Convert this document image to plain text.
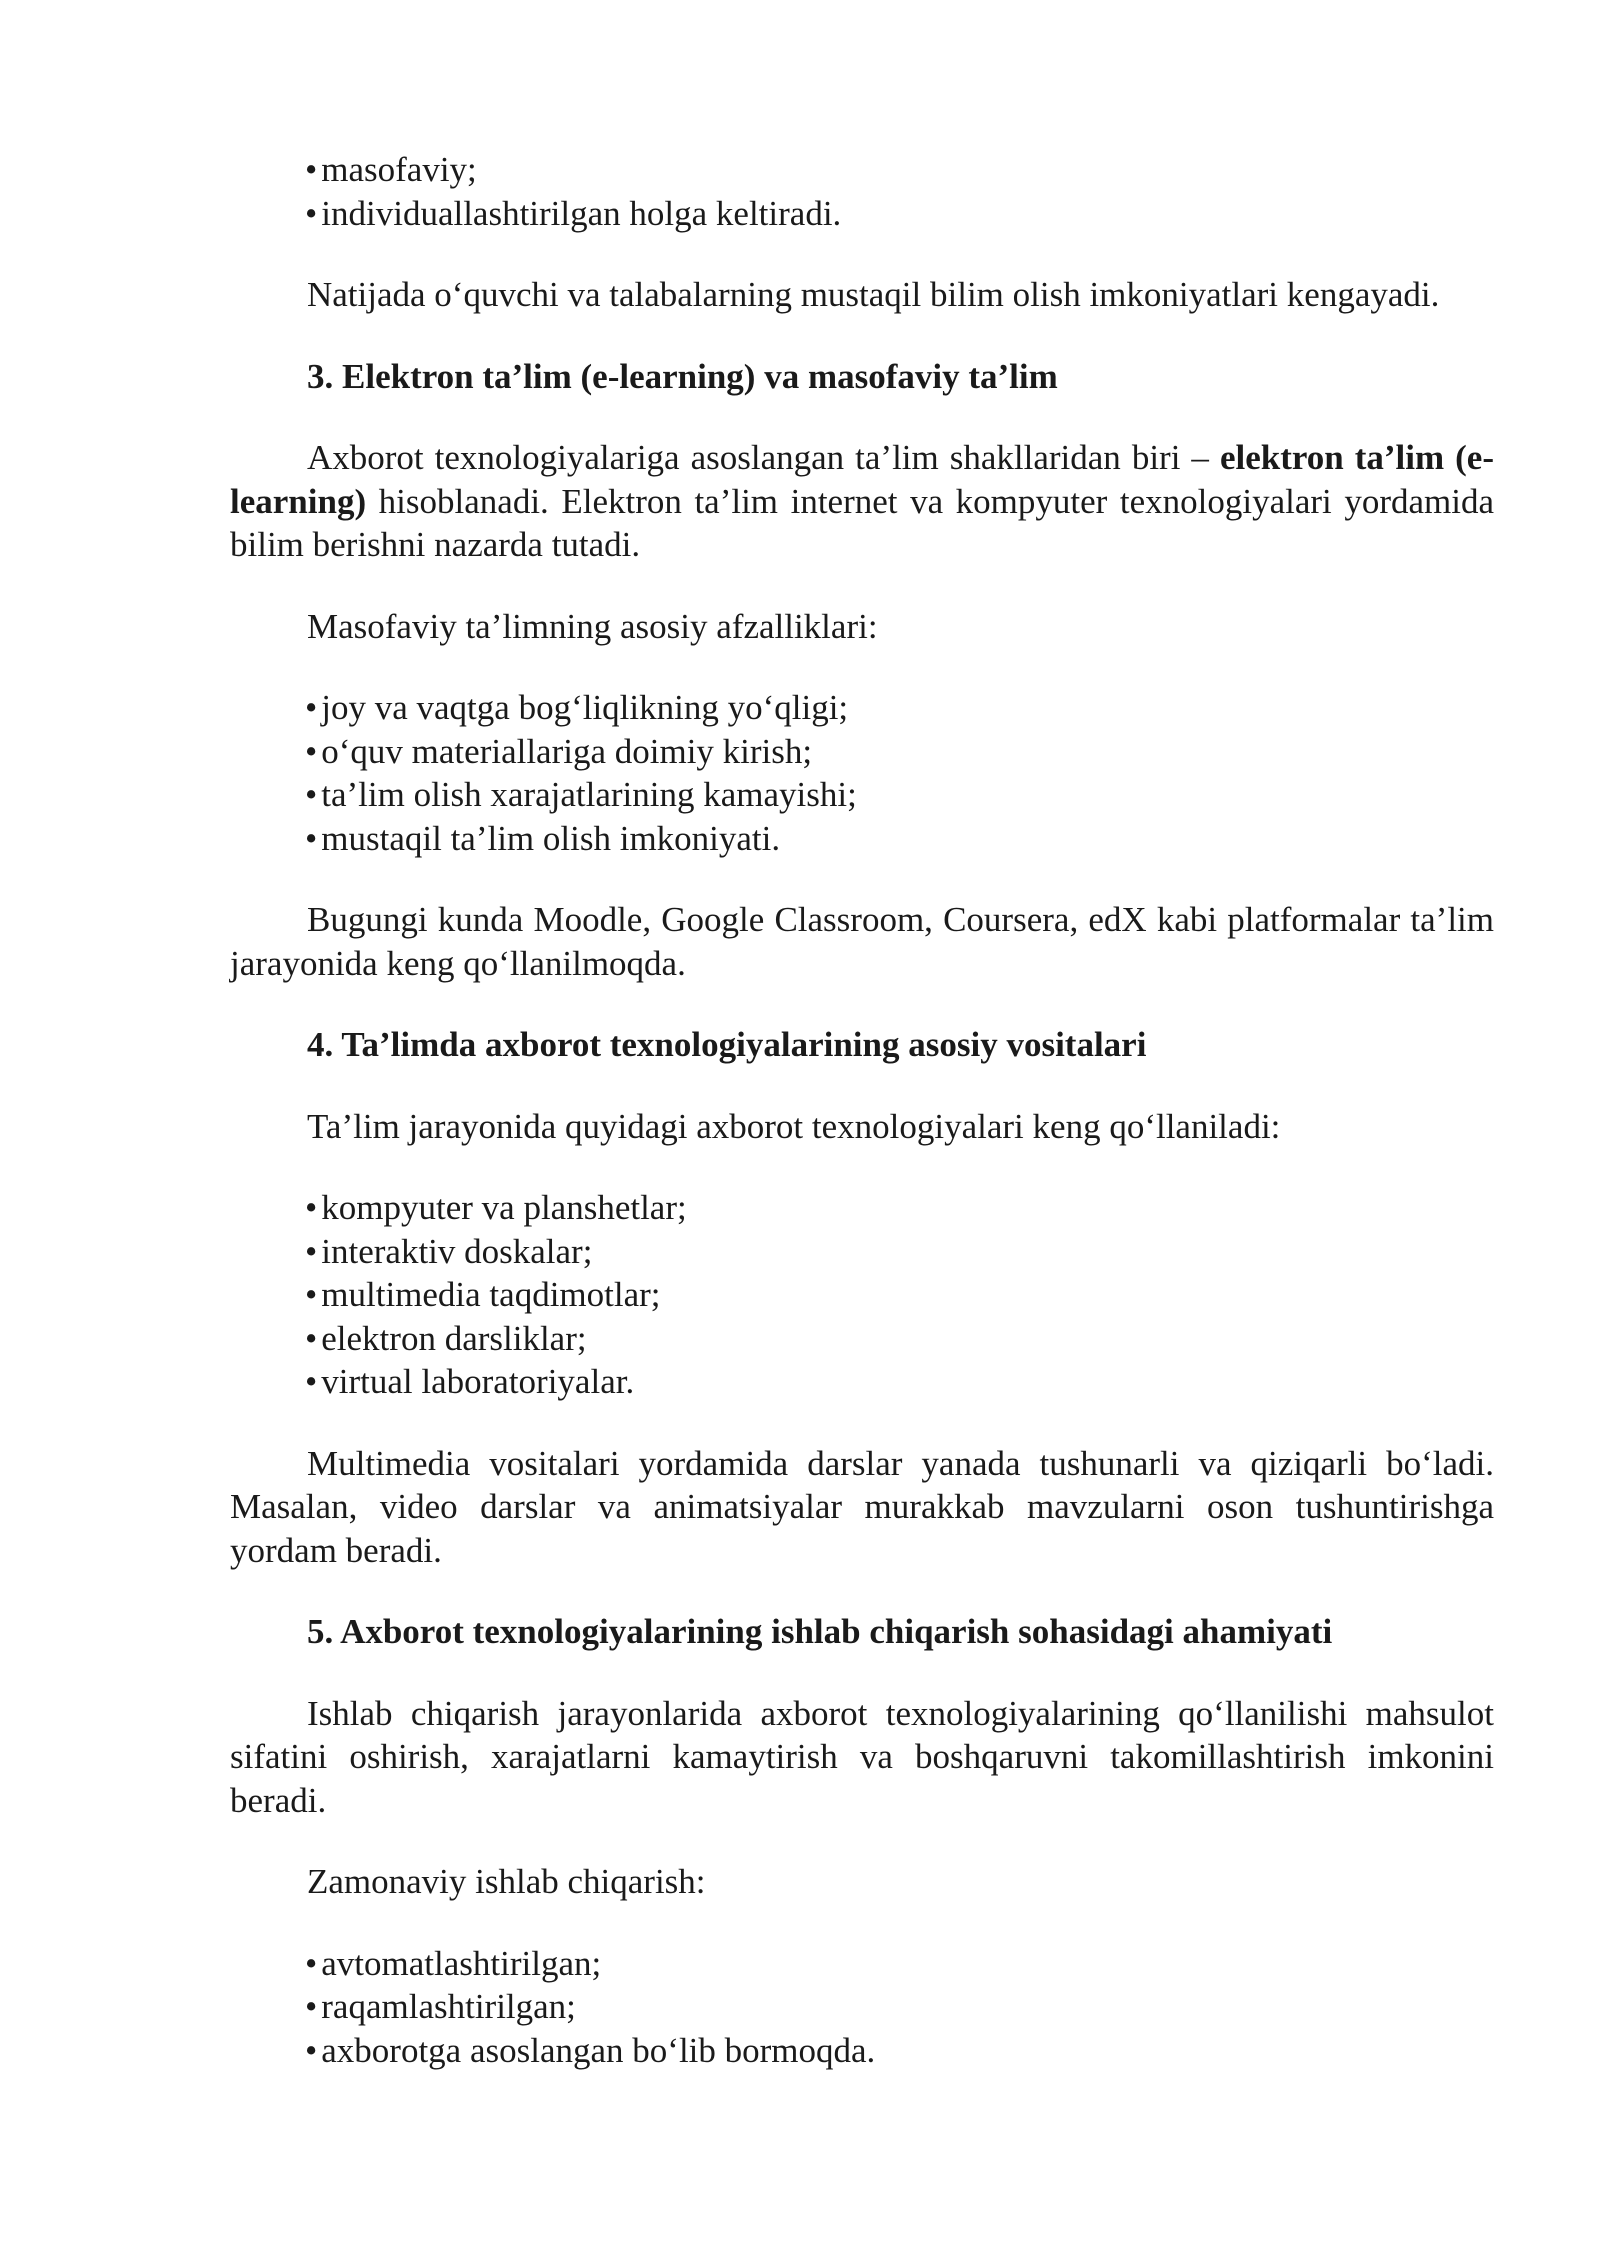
• masofaviy;
• individuallashtirilgan holga keltiradi.

Natijada o‘quvchi va talabalarning mustaqil bilim olish imkoniyatlari kengayadi.

3. Elektron ta’lim (e-learning) va masofaviy ta’lim

Axborot texnologiyalariga asoslangan ta’lim shakllaridan biri – elektron ta’lim (e-learning) hisoblanadi. Elektron ta’lim internet va kompyuter texnologiyalari yordamida bilim berishni nazarda tutadi.

Masofaviy ta’limning asosiy afzalliklari:

• joy va vaqtga bog‘liqlikning yo‘qligi;
• o‘quv materiallariga doimiy kirish;
• ta’lim olish xarajatlarining kamayishi;
• mustaqil ta’lim olish imkoniyati.

Bugungi kunda Moodle, Google Classroom, Coursera, edX kabi platformalar ta’lim jarayonida keng qo‘llanilmoqda.

4. Ta’limda axborot texnologiyalarining asosiy vositalari

Ta’lim jarayonida quyidagi axborot texnologiyalari keng qo‘llaniladi:

• kompyuter va planshetlar;
• interaktiv doskalar;
• multimedia taqdimotlar;
• elektron darsliklar;
• virtual laboratoriyalar.

Multimedia vositalari yordamida darslar yanada tushunarli va qiziqarli bo‘ladi. Masalan, video darslar va animatsiyalar murakkab mavzularni oson tushuntirishga yordam beradi.

5. Axborot texnologiyalarining ishlab chiqarish sohasidagi ahamiyati

Ishlab chiqarish jarayonlarida axborot texnologiyalarining qo‘llanilishi mahsulot sifatini oshirish, xarajatlarni kamaytirish va boshqaruvni takomillashtirish imkonini beradi.

Zamonaviy ishlab chiqarish:

• avtomatlashtirilgan;
• raqamlashtirilgan;
• axborotga asoslangan bo‘lib bormoqda.
